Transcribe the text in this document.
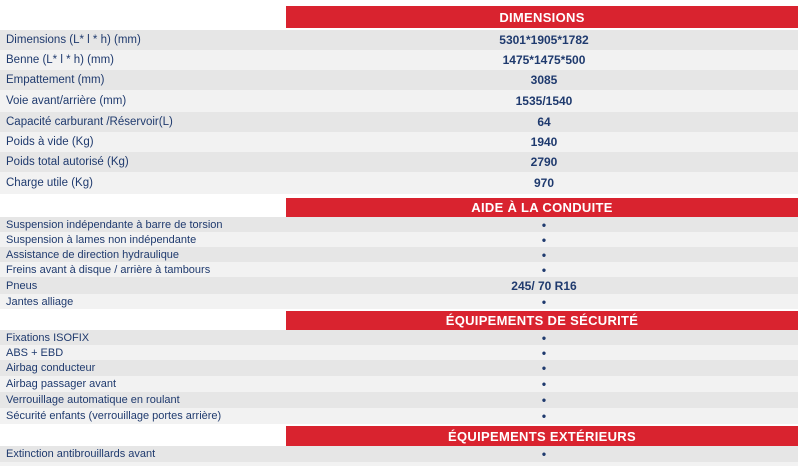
DIMENSIONS
Dimensions (L* l * h) (mm)	5301*1905*1782
Benne (L* l * h) (mm)	1475*1475*500
Empattement (mm)	3085
Voie avant/arrière (mm)	1535/1540
Capacité carburant /Réservoir(L)	64
Poids à vide (Kg)	1940
Poids total autorisé (Kg)	2790
Charge utile (Kg)	970
AIDE À LA CONDUITE
Suspension indépendante à barre de torsion	•
Suspension à lames non indépendante	•
Assistance de direction hydraulique	•
Freins avant à disque / arrière à tambours	•
Pneus	245/ 70 R16
Jantes alliage	•
ÉQUIPEMENTS DE SÉCURITÉ
Fixations ISOFIX	•
ABS + EBD	•
Airbag conducteur	•
Airbag passager avant	•
Verrouillage automatique en roulant	•
Sécurité enfants (verrouillage portes arrière)	•
ÉQUIPEMENTS EXTÉRIEURS
Extinction antibrouillards avant	•
